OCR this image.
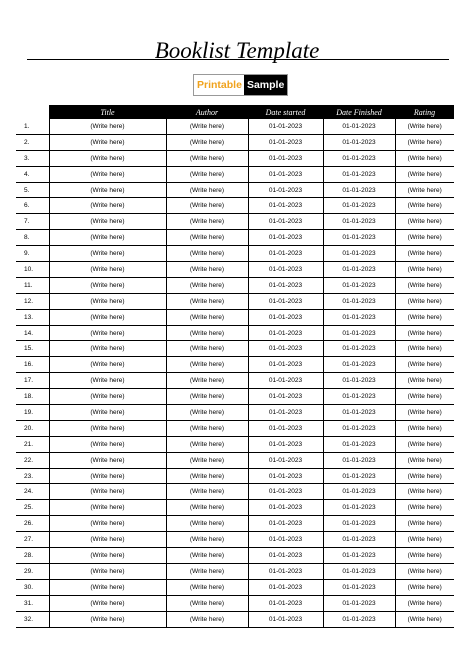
Booklist Template
Printable Sample
	Title	Author	Date started	Date Finished	Rating
1.	(Write here)	(Write here)	01-01-2023	01-01-2023	(Write here)
2.	(Write here)	(Write here)	01-01-2023	01-01-2023	(Write here)
3.	(Write here)	(Write here)	01-01-2023	01-01-2023	(Write here)
4.	(Write here)	(Write here)	01-01-2023	01-01-2023	(Write here)
5.	(Write here)	(Write here)	01-01-2023	01-01-2023	(Write here)
6.	(Write here)	(Write here)	01-01-2023	01-01-2023	(Write here)
7.	(Write here)	(Write here)	01-01-2023	01-01-2023	(Write here)
8.	(Write here)	(Write here)	01-01-2023	01-01-2023	(Write here)
9.	(Write here)	(Write here)	01-01-2023	01-01-2023	(Write here)
10.	(Write here)	(Write here)	01-01-2023	01-01-2023	(Write here)
11.	(Write here)	(Write here)	01-01-2023	01-01-2023	(Write here)
12.	(Write here)	(Write here)	01-01-2023	01-01-2023	(Write here)
13.	(Write here)	(Write here)	01-01-2023	01-01-2023	(Write here)
14.	(Write here)	(Write here)	01-01-2023	01-01-2023	(Write here)
15.	(Write here)	(Write here)	01-01-2023	01-01-2023	(Write here)
16.	(Write here)	(Write here)	01-01-2023	01-01-2023	(Write here)
17.	(Write here)	(Write here)	01-01-2023	01-01-2023	(Write here)
18.	(Write here)	(Write here)	01-01-2023	01-01-2023	(Write here)
19.	(Write here)	(Write here)	01-01-2023	01-01-2023	(Write here)
20.	(Write here)	(Write here)	01-01-2023	01-01-2023	(Write here)
21.	(Write here)	(Write here)	01-01-2023	01-01-2023	(Write here)
22.	(Write here)	(Write here)	01-01-2023	01-01-2023	(Write here)
23.	(Write here)	(Write here)	01-01-2023	01-01-2023	(Write here)
24.	(Write here)	(Write here)	01-01-2023	01-01-2023	(Write here)
25.	(Write here)	(Write here)	01-01-2023	01-01-2023	(Write here)
26.	(Write here)	(Write here)	01-01-2023	01-01-2023	(Write here)
27.	(Write here)	(Write here)	01-01-2023	01-01-2023	(Write here)
28.	(Write here)	(Write here)	01-01-2023	01-01-2023	(Write here)
29.	(Write here)	(Write here)	01-01-2023	01-01-2023	(Write here)
30.	(Write here)	(Write here)	01-01-2023	01-01-2023	(Write here)
31.	(Write here)	(Write here)	01-01-2023	01-01-2023	(Write here)
32.	(Write here)	(Write here)	01-01-2023	01-01-2023	(Write here)
